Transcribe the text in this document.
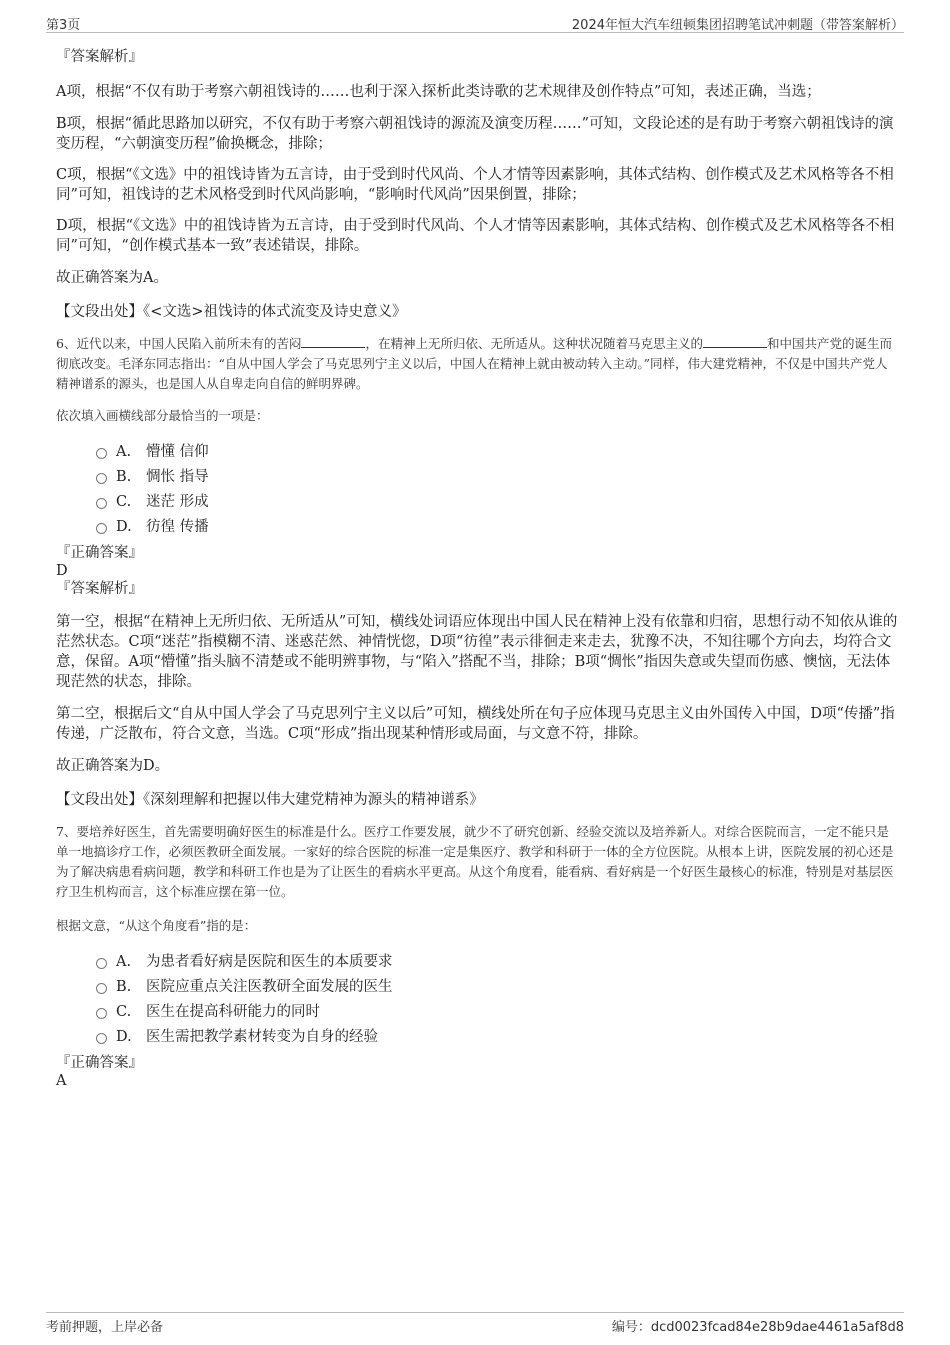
第3页	2024年恒大汽车纽顿集团招聘笔试冲刺题（带答案解析）

『答案解析』

A项，根据“不仅有助于考察六朝祖饯诗的……也利于深入探析此类诗歌的艺术规律及创作特点”可知，表述正确，当选；

B项，根据“循此思路加以研究，不仅有助于考察六朝祖饯诗的源流及演变历程……”可知，文段论述的是有助于考察六朝祖饯诗的演变历程，“六朝演变历程”偷换概念，排除；

C项，根据“《文选》中的祖饯诗皆为五言诗，由于受到时代风尚、个人才情等因素影响，其体式结构、创作模式及艺术风格等各不相同”可知，祖饯诗的艺术风格受到时代风尚影响，“影响时代风尚”因果倒置，排除；

D项，根据“《文选》中的祖饯诗皆为五言诗，由于受到时代风尚、个人才情等因素影响，其体式结构、创作模式及艺术风格等各不相同”可知，“创作模式基本一致”表述错误，排除。

故正确答案为A。

【文段出处】《<文选>祖饯诗的体式流变及诗史意义》

6、近代以来，中国人民陷入前所未有的苦闷	，在精神上无所归依、无所适从。这种状况随着马克思主义的	和中国共产党的诞生而彻底改变。毛泽东同志指出：“自从中国人学会了马克思列宁主义以后，中国人在精神上就由被动转入主动。”同样，伟大建党精神，不仅是中国共产党人精神谱系的源头，也是国人从自卑走向自信的鲜明界碑。

依次填入画横线部分最恰当的一项是：

A. 懵懂 信仰
B. 惆怅 指导
C. 迷茫 形成
D. 彷徨 传播

『正确答案』

D

『答案解析』

第一空，根据“在精神上无所归依、无所适从”可知，横线处词语应体现出中国人民在精神上没有依靠和归宿，思想行动不知依从谁的茫然状态。C项“迷茫”指模糊不清、迷惑茫然、神情恍惚，D项“彷徨”表示徘徊走来走去，犹豫不决，不知往哪个方向去，均符合文意，保留。A项“懵懂”指头脑不清楚或不能明辨事物，与“陷入”搭配不当，排除；B项“惆怅”指因失意或失望而伤感、懊恼，无法体现茫然的状态，排除。

第二空，根据后文“自从中国人学会了马克思列宁主义以后”可知，横线处所在句子应体现马克思主义由外国传入中国，D项“传播”指传递，广泛散布，符合文意，当选。C项“形成”指出现某种情形或局面，与文意不符，排除。

故正确答案为D。

【文段出处】《深刻理解和把握以伟大建党精神为源头的精神谱系》

7、要培养好医生，首先需要明确好医生的标准是什么。医疗工作要发展，就少不了研究创新、经验交流以及培养新人。对综合医院而言，一定不能只是单一地搞诊疗工作，必须医教研全面发展。一家好的综合医院的标准一定是集医疗、教学和科研于一体的全方位医院。从根本上讲，医院发展的初心还是为了解决病患看病问题，教学和科研工作也是为了让医生的看病水平更高。从这个角度看，能看病、看好病是一个好医生最核心的标准，特别是对基层医疗卫生机构而言，这个标准应摆在第一位。

根据文意，“从这个角度看”指的是：

A. 为患者看好病是医院和医生的本质要求
B. 医院应重点关注医教研全面发展的医生
C. 医生在提高科研能力的同时
D. 医生需把教学素材转变为自身的经验

『正确答案』

A

考前押题，上岸必备	编号：dcd0023fcad84e28b9dae4461a5af8d8
